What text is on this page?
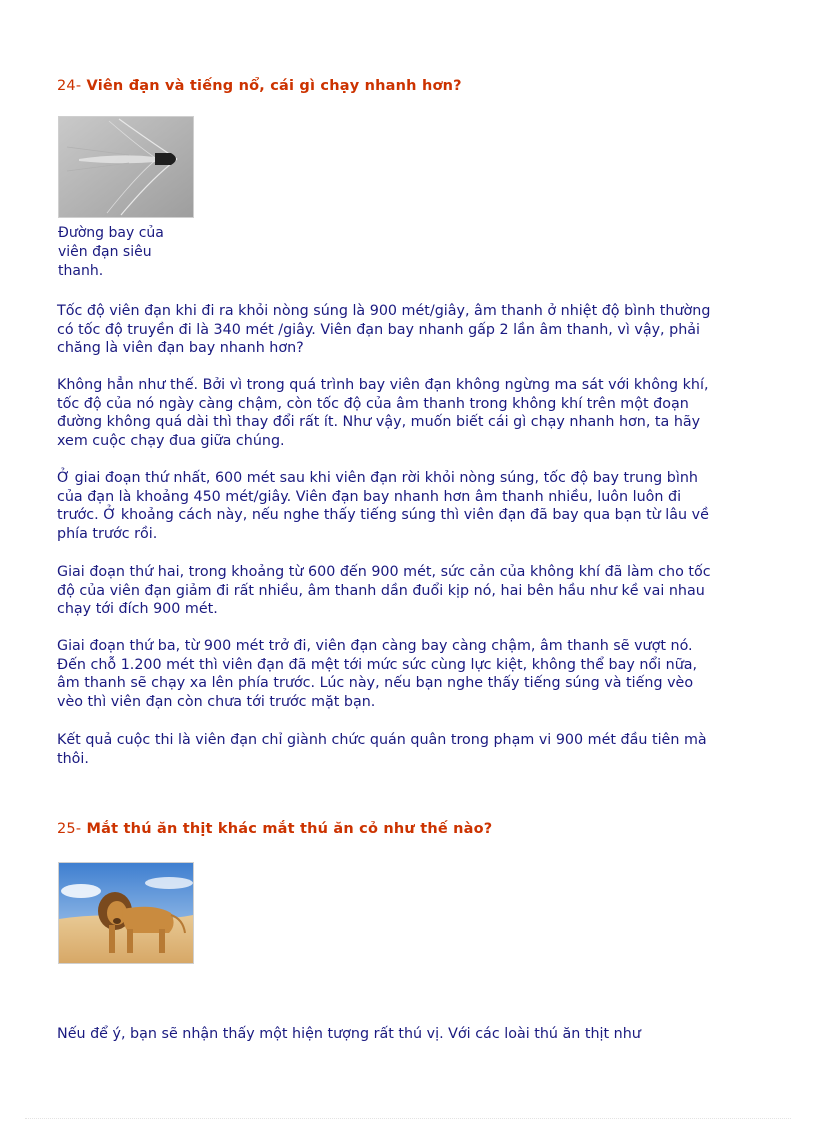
24- Viên đạn và tiếng nổ, cái gì chạy nhanh hơn?
Đường bay của viên đạn siêu thanh.

Tốc độ viên đạn khi đi ra khỏi nòng súng là 900 mét/giây, âm thanh ở nhiệt độ bình thường có tốc độ truyền đi là 340 mét /giây. Viên đạn bay nhanh gấp 2 lần âm thanh, vì vậy, phải chăng là viên đạn bay nhanh hơn?

Không hẳn như thế. Bởi vì trong quá trình bay viên đạn không ngừng ma sát với không khí, tốc độ của nó ngày càng chậm, còn tốc độ của âm thanh trong không khí trên một đoạn đường không quá dài thì thay đổi rất ít. Như vậy, muốn biết cái gì chạy nhanh hơn, ta hãy xem cuộc chạy đua giữa chúng.

Ở giai đoạn thứ nhất, 600 mét sau khi viên đạn rời khỏi nòng súng, tốc độ bay trung bình của đạn là khoảng 450 mét/giây. Viên đạn bay nhanh hơn âm thanh nhiều, luôn luôn đi trước. Ở khoảng cách này, nếu nghe thấy tiếng súng thì viên đạn đã bay qua bạn từ lâu về phía trước rồi.

Giai đoạn thứ hai, trong khoảng từ 600 đến 900 mét, sức cản của không khí đã làm cho tốc độ của viên đạn giảm đi rất nhiều, âm thanh dần đuổi kịp nó, hai bên hầu như kề vai nhau chạy tới đích 900 mét.

Giai đoạn thứ ba, từ 900 mét trở đi, viên đạn càng bay càng chậm, âm thanh sẽ vượt nó. Đến chỗ 1.200 mét thì viên đạn đã mệt tới mức sức cùng lực kiệt, không thể bay nổi nữa, âm thanh sẽ chạy xa lên phía trước. Lúc này, nếu bạn nghe thấy tiếng súng và tiếng vèo vèo thì viên đạn còn chưa tới trước mặt bạn.

Kết quả cuộc thi là viên đạn chỉ giành chức quán quân trong phạm vi 900 mét đầu tiên mà thôi.

25- Mắt thú ăn thịt khác mắt thú ăn cỏ như thế nào?

Nếu để ý, bạn sẽ nhận thấy một hiện tượng rất thú vị. Với các loài thú ăn thịt như
